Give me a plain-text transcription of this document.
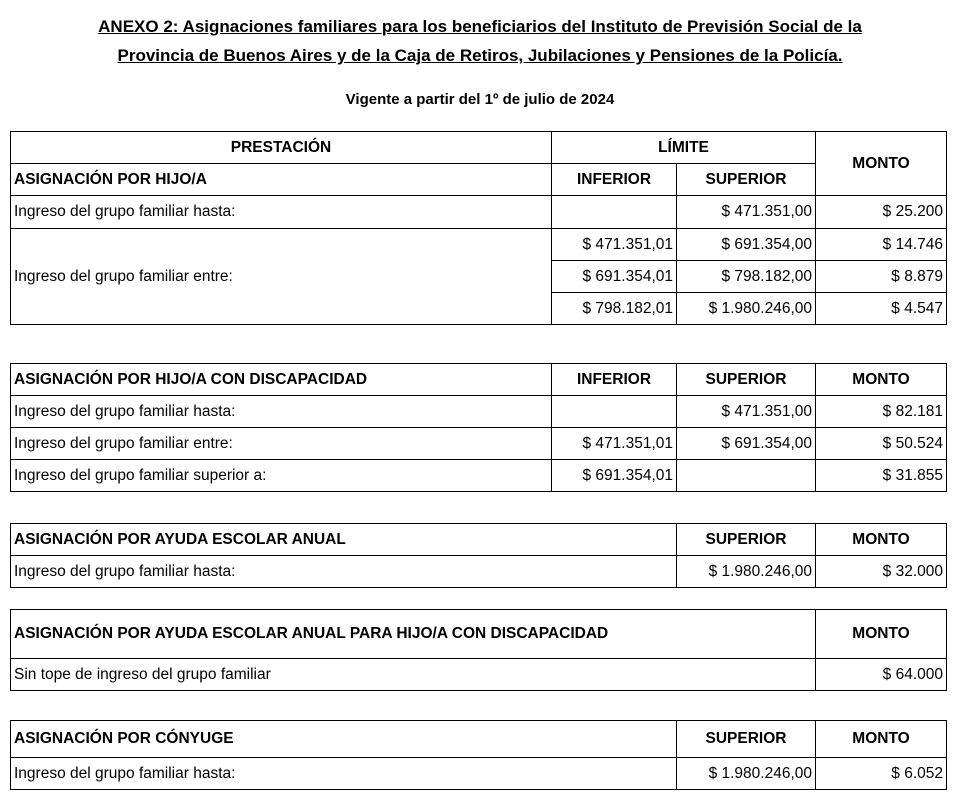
ANEXO 2: Asignaciones familiares para los beneficiarios del Instituto de Previsión Social de la
Provincia de Buenos Aires y de la Caja de Retiros, Jubilaciones y Pensiones de la Policía.
Vigente a partir del 1º de julio de 2024
PRESTACIÓN	LÍMITE		MONTO
ASIGNACIÓN POR HIJO/A	INFERIOR	SUPERIOR	
Ingreso del grupo familiar hasta:		$ 471.351,00	$ 25.200
Ingreso del grupo familiar entre:	$ 471.351,01	$ 691.354,00	$ 14.746
	$ 691.354,01	$ 798.182,00	$ 8.879
	$ 798.182,01	$ 1.980.246,00	$ 4.547
ASIGNACIÓN POR HIJO/A CON DISCAPACIDAD	INFERIOR	SUPERIOR	MONTO
Ingreso del grupo familiar hasta:		$ 471.351,00	$ 82.181
Ingreso del grupo familiar entre:	$ 471.351,01	$ 691.354,00	$ 50.524
Ingreso del grupo familiar superior a:	$ 691.354,01		$ 31.855
ASIGNACIÓN POR AYUDA ESCOLAR ANUAL		SUPERIOR	MONTO
Ingreso del grupo familiar hasta:		$ 1.980.246,00	$ 32.000
ASIGNACIÓN POR AYUDA ESCOLAR ANUAL PARA HIJO/A CON DISCAPACIDAD		MONTO
Sin tope de ingreso del grupo familiar		$ 64.000
ASIGNACIÓN POR CÓNYUGE		SUPERIOR	MONTO
Ingreso del grupo familiar hasta:		$ 1.980.246,00	$ 6.052
